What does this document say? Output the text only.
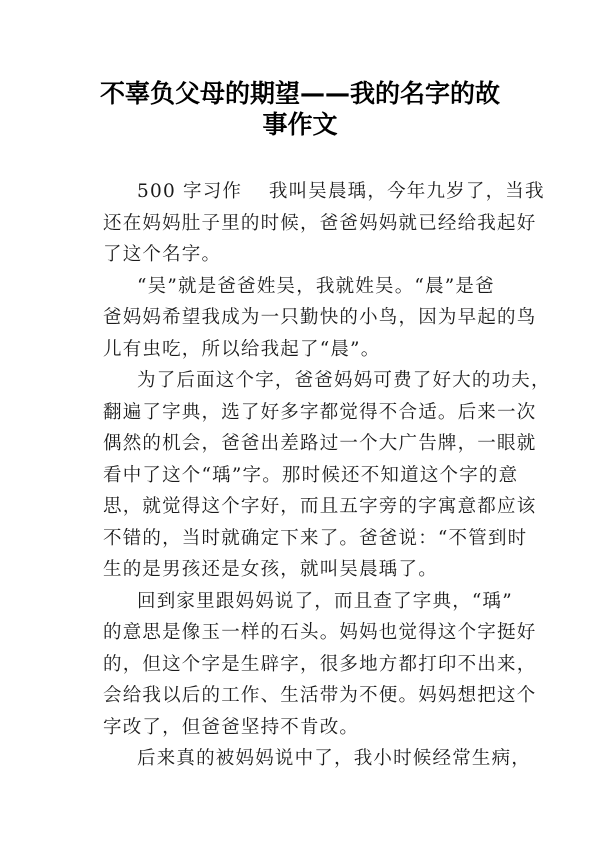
不辜负父母的期望——我的名字的故
事作文
500 字习作　 我叫吴晨瑀，今年九岁了，当我
还在妈妈肚子里的时候，爸爸妈妈就已经给我起好
了这个名字。
“吴”就是爸爸姓吴，我就姓吴。“晨”是爸
爸妈妈希望我成为一只勤快的小鸟，因为早起的鸟
儿有虫吃，所以给我起了“晨”。
为了后面这个字，爸爸妈妈可费了好大的功夫，
翻遍了字典，选了好多字都觉得不合适。后来一次
偶然的机会，爸爸出差路过一个大广告牌，一眼就
看中了这个“瑀”字。那时候还不知道这个字的意
思，就觉得这个字好，而且五字旁的字寓意都应该
不错的，当时就确定下来了。爸爸说：“不管到时
生的是男孩还是女孩，就叫吴晨瑀了。
回到家里跟妈妈说了，而且查了字典，“瑀”
的意思是像玉一样的石头。妈妈也觉得这个字挺好
的，但这个字是生辟字，很多地方都打印不出来，
会给我以后的工作、生活带为不便。妈妈想把这个
字改了，但爸爸坚持不肯改。
后来真的被妈妈说中了，我小时候经常生病，
